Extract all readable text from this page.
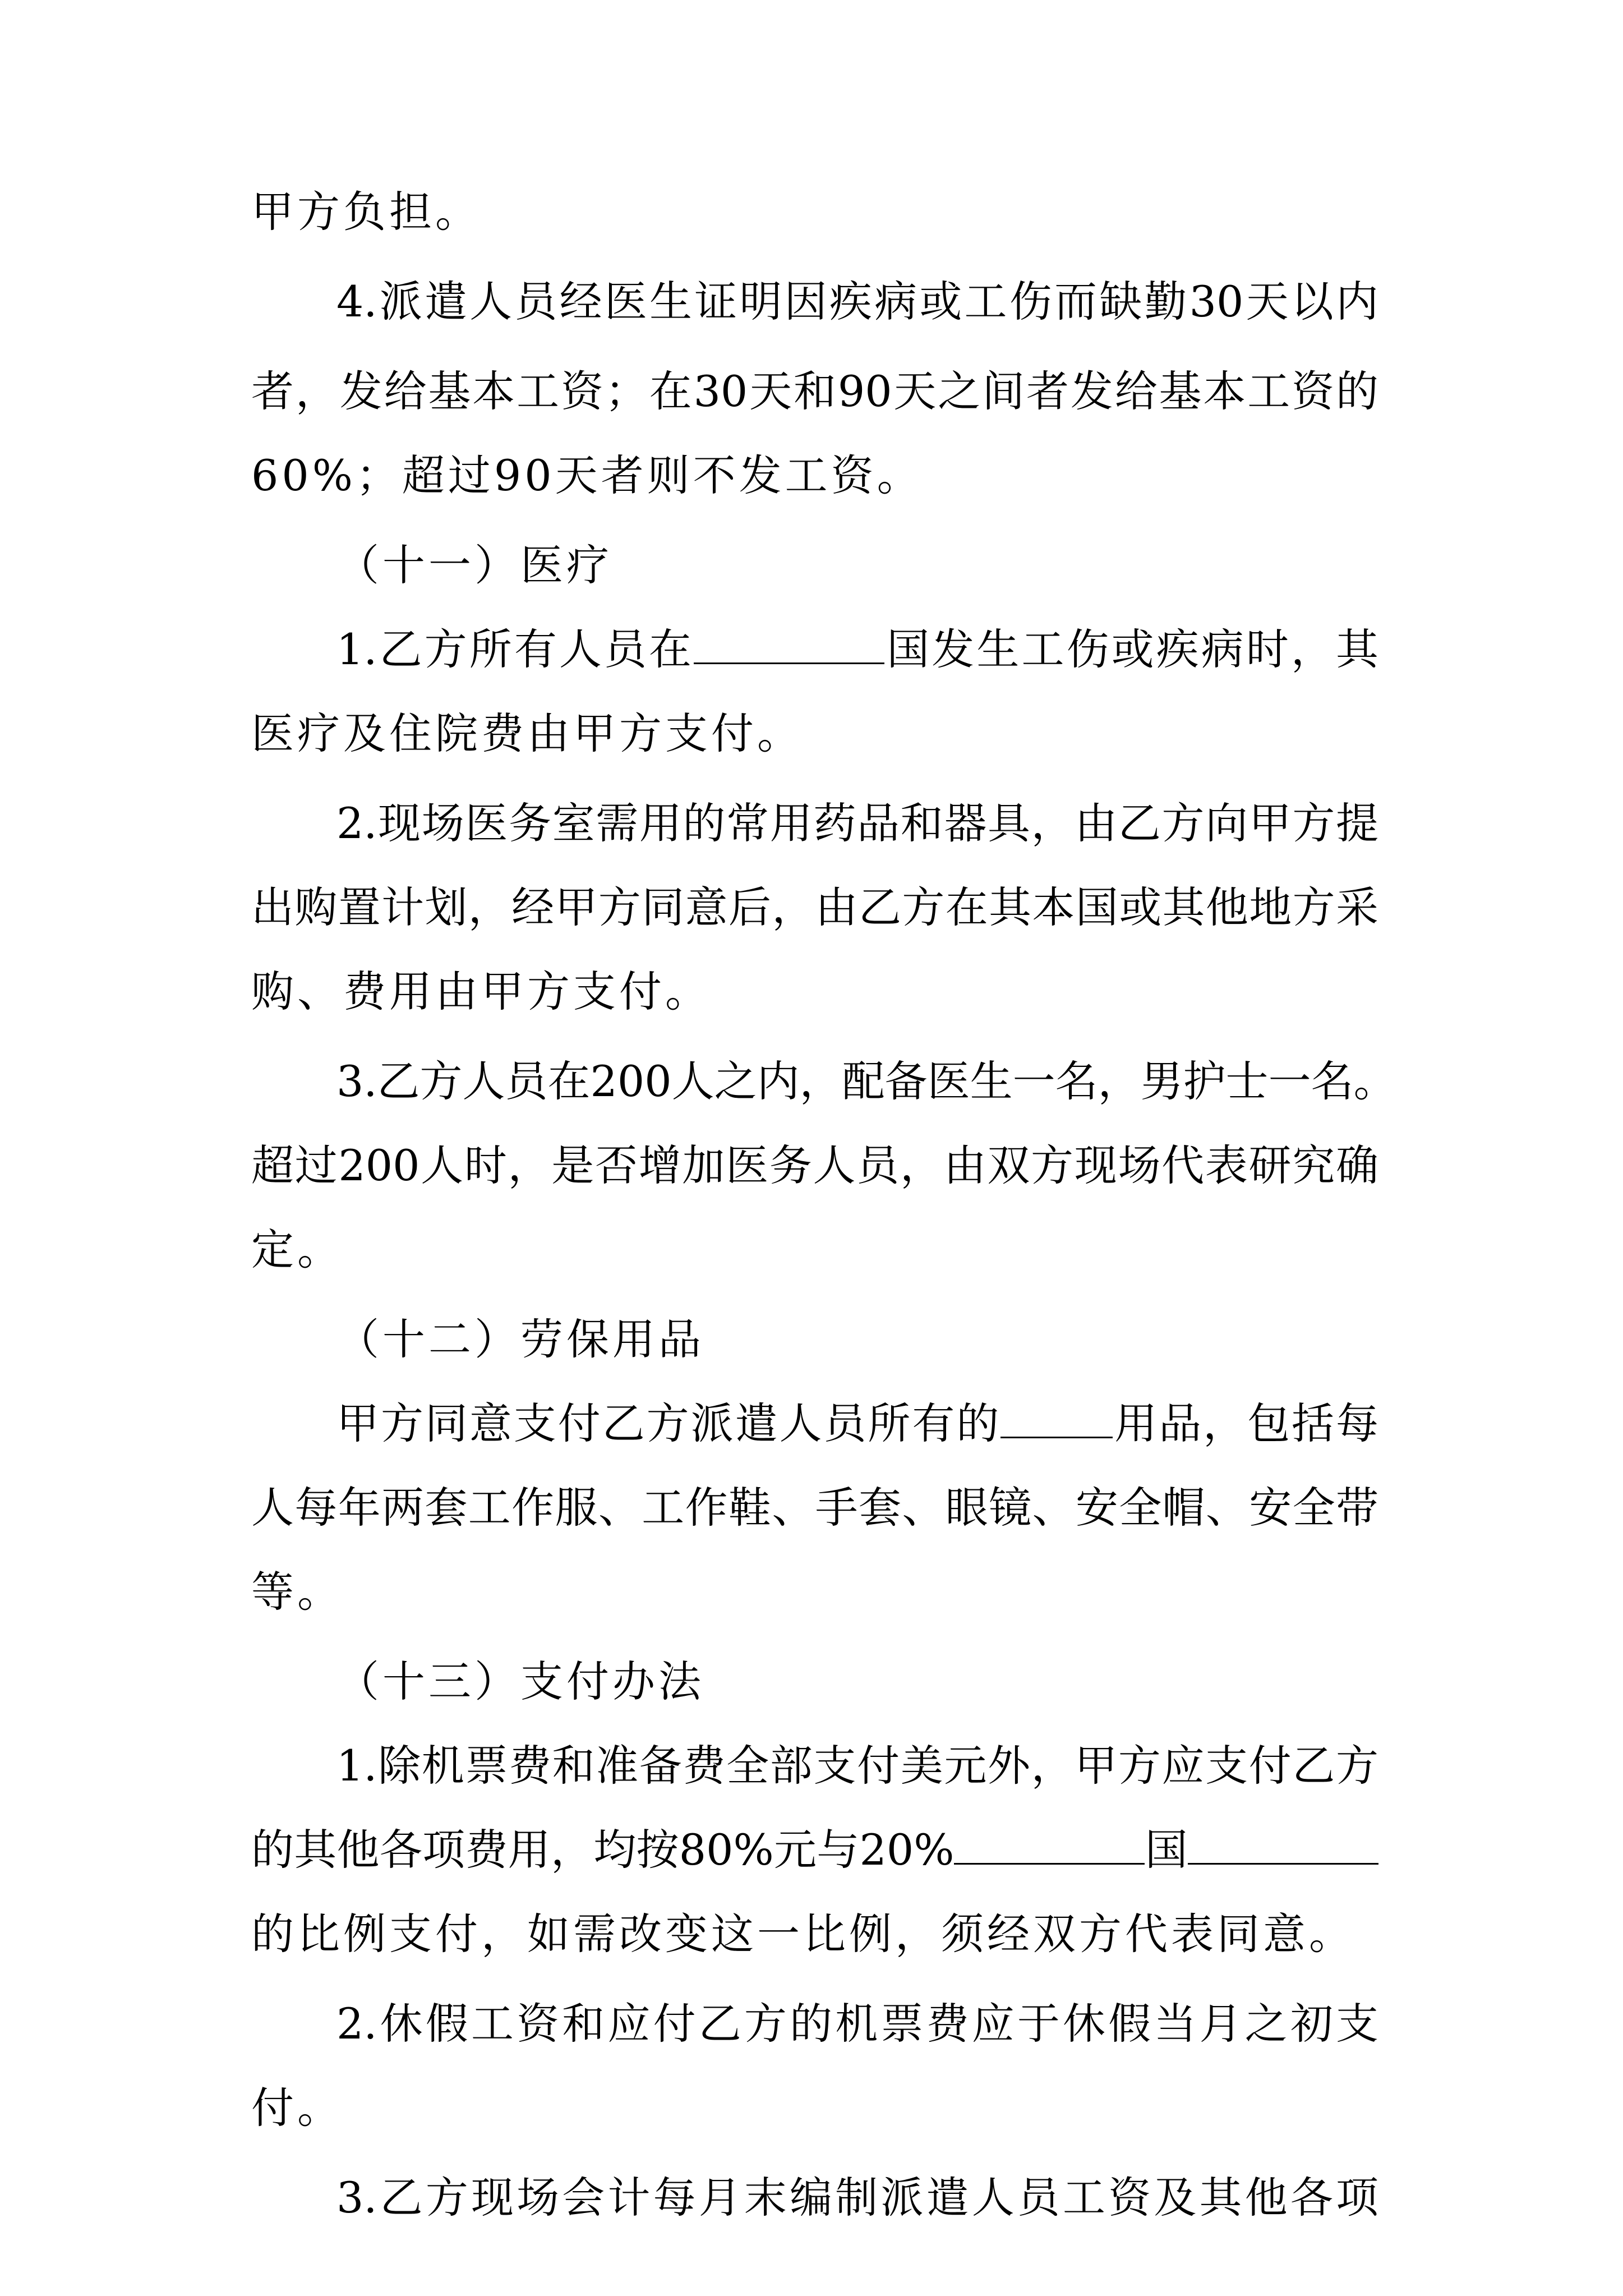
甲方负担。
4.派遣人员经医生证明因疾病或工伤而缺勤30天以内
者，发给基本工资；在30天和90天之间者发给基本工资的
60%；超过90天者则不发工资。
（十一）医疗
1.乙方所有人员在	国发生工伤或疾病时，其
医疗及住院费由甲方支付。
2.现场医务室需用的常用药品和器具，由乙方向甲方提
出购置计划，经甲方同意后，由乙方在其本国或其他地方采
购、费用由甲方支付。
3.乙方人员在200人之内，配备医生一名，男护士一名。
超过200人时，是否增加医务人员，由双方现场代表研究确
定。
（十二）劳保用品
甲方同意支付乙方派遣人员所有的	用品，包括每
人每年两套工作服、工作鞋、手套、眼镜、安全帽、安全带
等。
（十三）支付办法
1.除机票费和准备费全部支付美元外，甲方应支付乙方
的其他各项费用，均按80%元与20%	国
的比例支付，如需改变这一比例，须经双方代表同意。
2.休假工资和应付乙方的机票费应于休假当月之初支
付。
3.乙方现场会计每月末编制派遣人员工资及其他各项
